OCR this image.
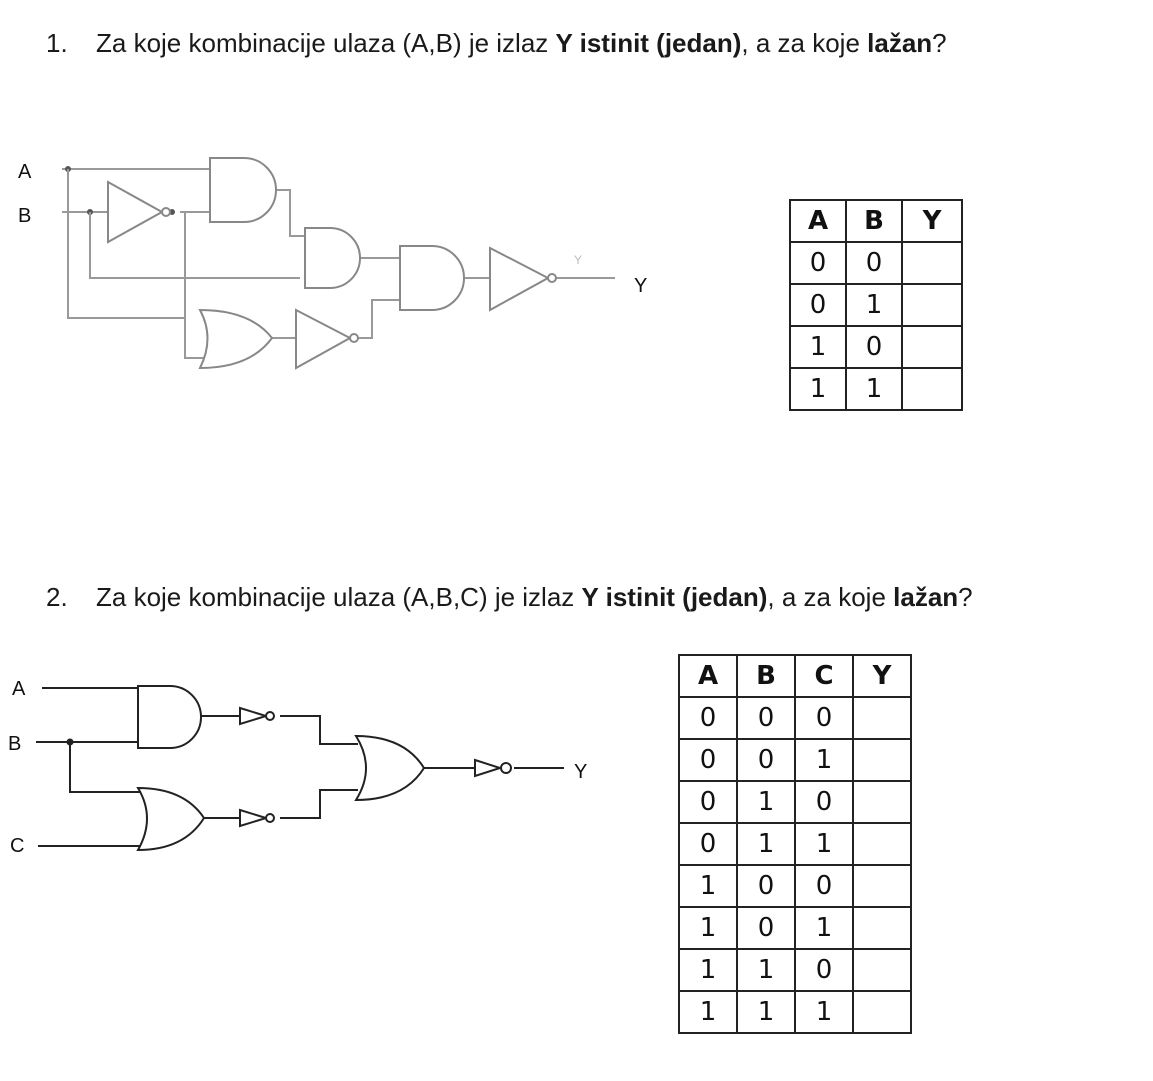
1. Za koje kombinacije ulaza (A,B) je izlaz Y istinit (jedan), a za koje lažan?
A
B
Y
Y
A	B	Y
0	0	
0	1	
1	0	
1	1	
2. Za koje kombinacije ulaza (A,B,C) je izlaz Y istinit (jedan), a za koje lažan?
A
B
C
Y
A	B	C	Y
0	0	0	
0	0	1	
0	1	0	
0	1	1	
1	0	0	
1	0	1	
1	1	0	
1	1	1	
